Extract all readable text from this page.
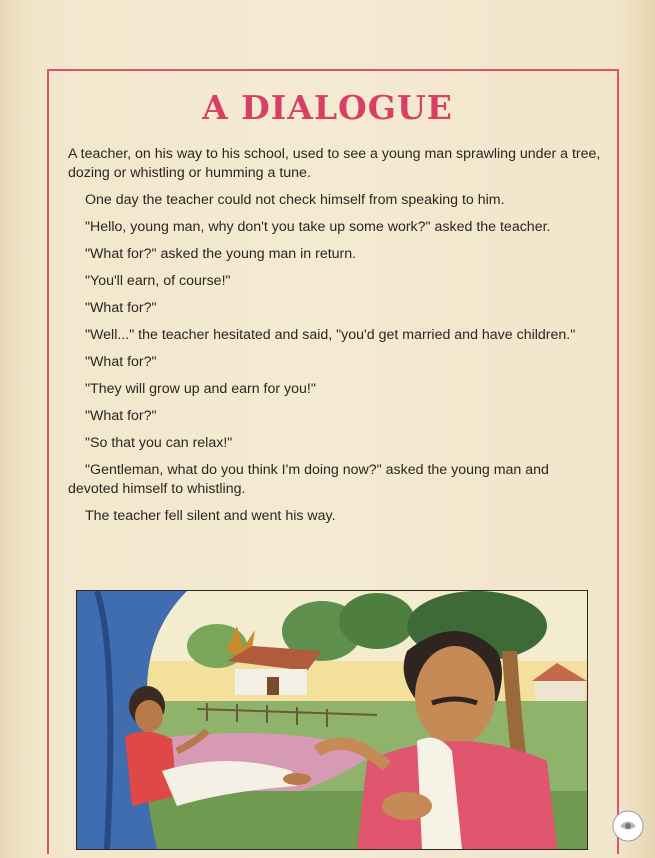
A DIALOGUE

A teacher, on his way to his school, used to see a young man sprawling under a tree, dozing or whistling or humming a tune.

One day the teacher could not check himself from speaking to him.

"Hello, young man, why don't you take up some work?" asked the teacher.

"What for?" asked the young man in return.

"You'll earn, of course!"

"What for?"

"Well..." the teacher hesitated and said, "you'd get married and have children."

"What for?"

"They will grow up and earn for you!"

"What for?"

"So that you can relax!"

"Gentleman, what do you think I'm doing now?" asked the young man and devoted himself to whistling.

The teacher fell silent and went his way.
